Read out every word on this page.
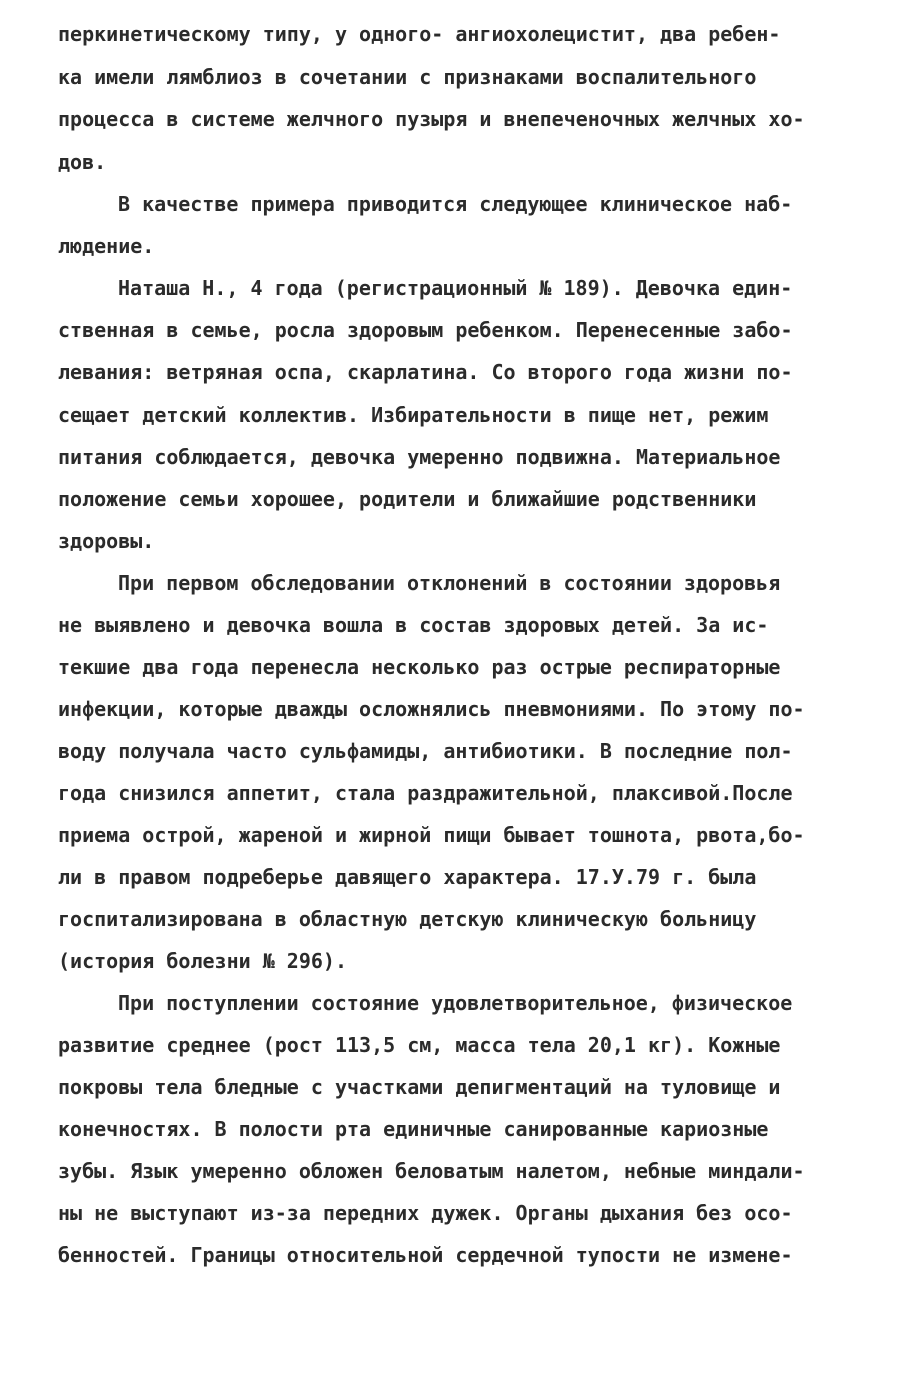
перкинетическому типу, у одного- ангиохолецистит, два ребен-
ка имели лямблиоз в сочетании с признаками воспалительного
процесса в системе желчного пузыря и внепеченочных желчных хо-
дов.
В качестве примера приводится следующее клиническое наб-
людение.
Наташа Н., 4 года (регистрационный № 189). Девочка един-
ственная в семье, росла здоровым ребенком. Перенесенные забо-
левания: ветряная оспа, скарлатина. Со второго года жизни по-
сещает детский коллектив. Избирательности в пище нет, режим
питания соблюдается, девочка умеренно подвижна. Материальное
положение семьи хорошее, родители и ближайшие родственники
здоровы.
При первом обследовании отклонений в состоянии здоровья
не выявлено и девочка вошла в состав здоровых детей. За ис-
текшие два года перенесла несколько раз острые респираторные
инфекции, которые дважды осложнялись пневмониями. По этому по-
воду получала часто сульфамиды, антибиотики. В последние пол-
года снизился аппетит, стала раздражительной, плаксивой.После
приема острой, жареной и жирной пищи бывает тошнота, рвота,бо-
ли в правом подреберье давящего характера. 17.У.79 г. была
госпитализирована в областную детскую клиническую больницу
(история болезни № 296).
При поступлении состояние удовлетворительное, физическое
развитие среднее (рост 113,5 см, масса тела 20,1 кг). Кожные
покровы тела бледные с участками депигментаций на туловище и
конечностях. В полости рта единичные санированные кариозные
зубы. Язык умеренно обложен беловатым налетом, небные миндали-
ны не выступают из-за передних дужек. Органы дыхания без осо-
бенностей. Границы относительной сердечной тупости не измене-
